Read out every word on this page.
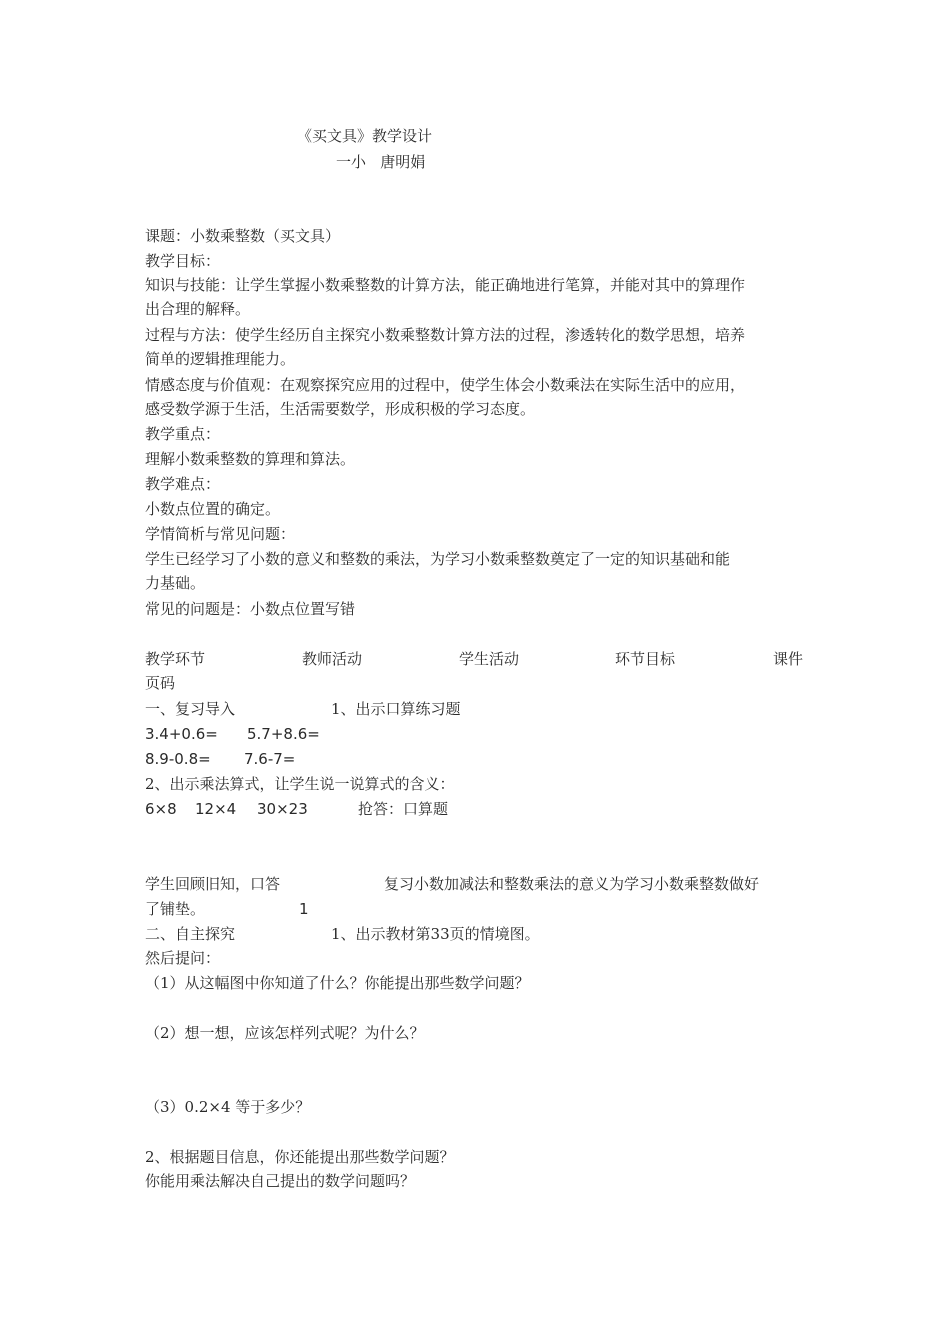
《买文具》教学设计
一小   唐明娟
课题：小数乘整数（买文具）
教学目标：
知识与技能：让学生掌握小数乘整数的计算方法，能正确地进行笔算，并能对其中的算理作
出合理的解释。
过程与方法：使学生经历自主探究小数乘整数计算方法的过程，渗透转化的数学思想，培养
简单的逻辑推理能力。
情感态度与价值观：在观察探究应用的过程中，使学生体会小数乘法在实际生活中的应用，
感受数学源于生活，生活需要数学，形成积极的学习态度。
教学重点：
理解小数乘整数的算理和算法。
教学难点：
小数点位置的确定。
学情简析与常见问题：
学生已经学习了小数的意义和整数的乘法，为学习小数乘整数奠定了一定的知识基础和能
力基础。
常见的问题是：小数点位置写错
教学环节	教师活动	学生活动	环节目标	课件
页码
一、复习导入	1、出示口算练习题
3.4+0.6= 5.7+8.6=
8.9-0.8= 7.6-7=
2、出示乘法算式，让学生说一说算式的含义：
6×8 12×4 30×23	抢答：口算题
学生回顾旧知，口答	复习小数加减法和整数乘法的意义为学习小数乘整数做好
了铺垫。	1
二、自主探究	1、出示教材第33页的情境图。
然后提问：
（1）从这幅图中你知道了什么？你能提出那些数学问题？
（2）想一想，应该怎样列式呢？为什么？
（3）0.2×4 等于多少？
2、根据题目信息，你还能提出那些数学问题？
你能用乘法解决自己提出的数学问题吗？
